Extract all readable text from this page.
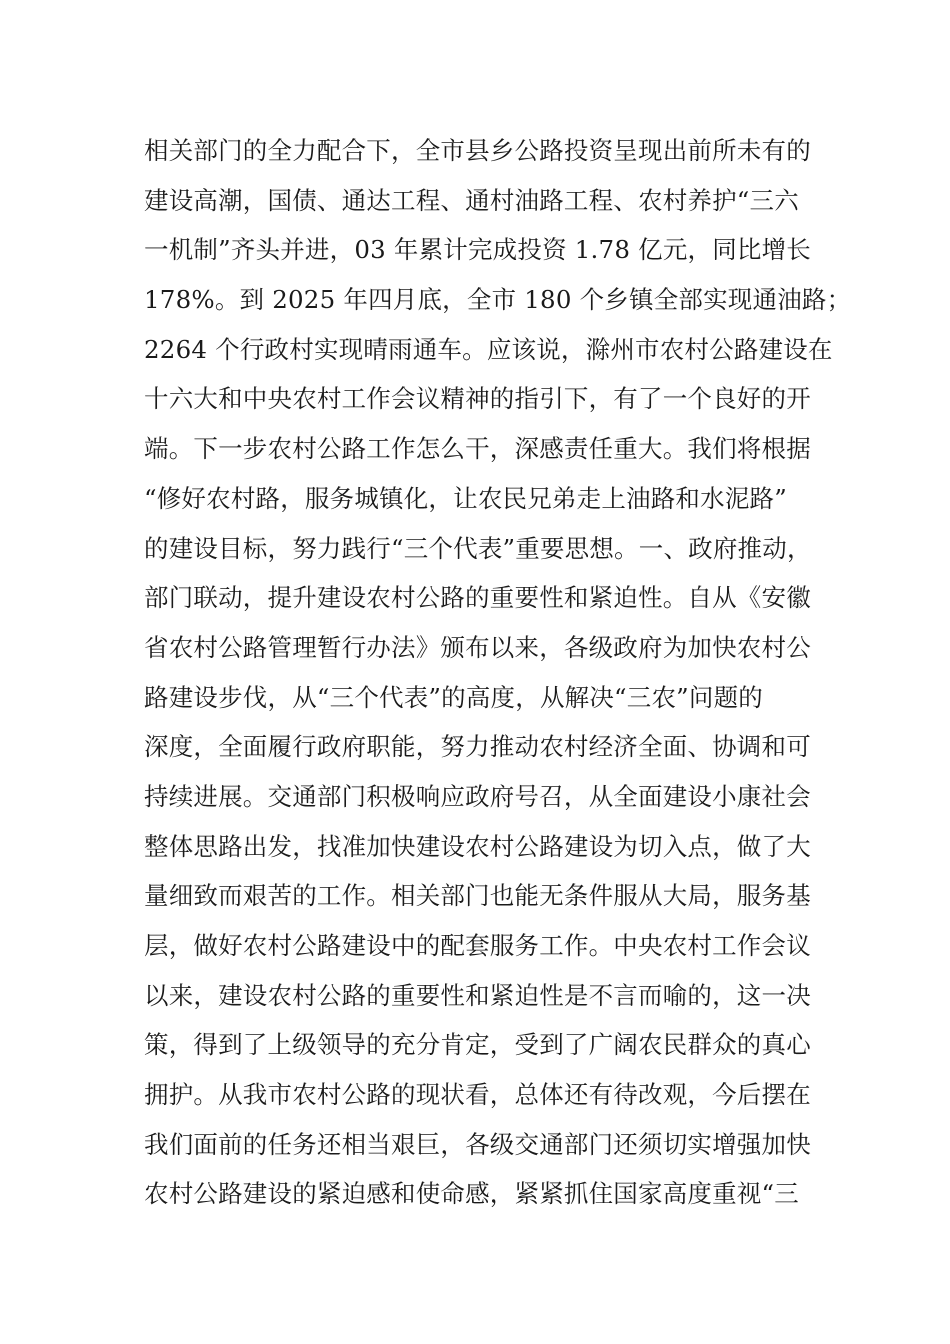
相关部门的全力配合下，全市县乡公路投资呈现出前所未有的
建设高潮，国债、通达工程、通村油路工程、农村养护“三六
一机制”齐头并进，03 年累计完成投资 1.78 亿元，同比增长
178%。到 2025 年四月底，全市 180 个乡镇全部实现通油路；
2264 个行政村实现晴雨通车。应该说，滁州市农村公路建设在
十六大和中央农村工作会议精神的指引下，有了一个良好的开
端。下一步农村公路工作怎么干，深感责任重大。我们将根据
“修好农村路，服务城镇化，让农民兄弟走上油路和水泥路”
的建设目标，努力践行“三个代表”重要思想。一、政府推动，
部门联动，提升建设农村公路的重要性和紧迫性。自从《安徽
省农村公路管理暂行办法》颁布以来，各级政府为加快农村公
路建设步伐，从“三个代表”的高度，从解决“三农”问题的
深度，全面履行政府职能，努力推动农村经济全面、协调和可
持续进展。交通部门积极响应政府号召，从全面建设小康社会
整体思路出发，找准加快建设农村公路建设为切入点，做了大
量细致而艰苦的工作。相关部门也能无条件服从大局，服务基
层，做好农村公路建设中的配套服务工作。中央农村工作会议
以来，建设农村公路的重要性和紧迫性是不言而喻的，这一决
策，得到了上级领导的充分肯定，受到了广阔农民群众的真心
拥护。从我市农村公路的现状看，总体还有待改观，今后摆在
我们面前的任务还相当艰巨，各级交通部门还须切实增强加快
农村公路建设的紧迫感和使命感，紧紧抓住国家高度重视“三
